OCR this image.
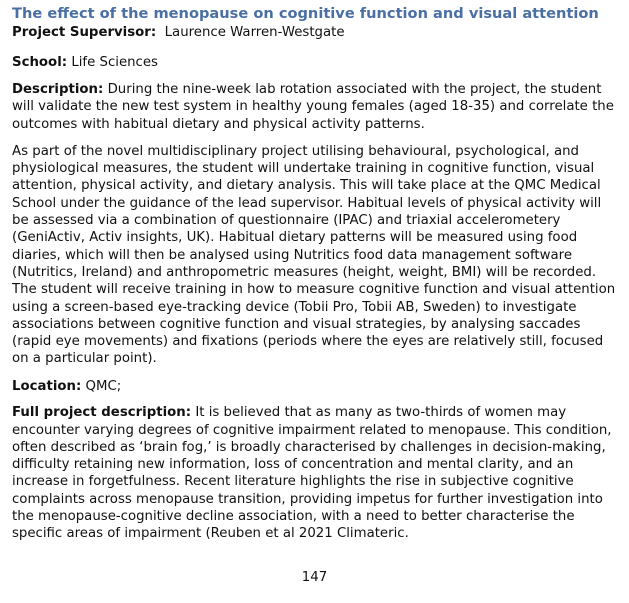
The effect of the menopause on cognitive function and visual attention

Project Supervisor: Laurence Warren-Westgate

School: Life Sciences

Description: During the nine-week lab rotation associated with the project, the student will validate the new test system in healthy young females (aged 18-35) and correlate the outcomes with habitual dietary and physical activity patterns.

As part of the novel multidisciplinary project utilising behavioural, psychological, and physiological measures, the student will undertake training in cognitive function, visual attention, physical activity, and dietary analysis. This will take place at the QMC Medical School under the guidance of the lead supervisor. Habitual levels of physical activity will be assessed via a combination of questionnaire (IPAC) and triaxial accelerometery (GeniActiv, Activ insights, UK). Habitual dietary patterns will be measured using food diaries, which will then be analysed using Nutritics food data management software (Nutritics, Ireland) and anthropometric measures (height, weight, BMI) will be recorded. The student will receive training in how to measure cognitive function and visual attention using a screen-based eye-tracking device (Tobii Pro, Tobii AB, Sweden) to investigate associations between cognitive function and visual strategies, by analysing saccades (rapid eye movements) and fixations (periods where the eyes are relatively still, focused on a particular point).

Location: QMC;

Full project description: It is believed that as many as two-thirds of women may encounter varying degrees of cognitive impairment related to menopause. This condition, often described as ‘brain fog,’ is broadly characterised by challenges in decision-making, difficulty retaining new information, loss of concentration and mental clarity, and an increase in forgetfulness. Recent literature highlights the rise in subjective cognitive complaints across menopause transition, providing impetus for further investigation into the menopause-cognitive decline association, with a need to better characterise the specific areas of impairment (Reuben et al 2021 Climateric.

147
